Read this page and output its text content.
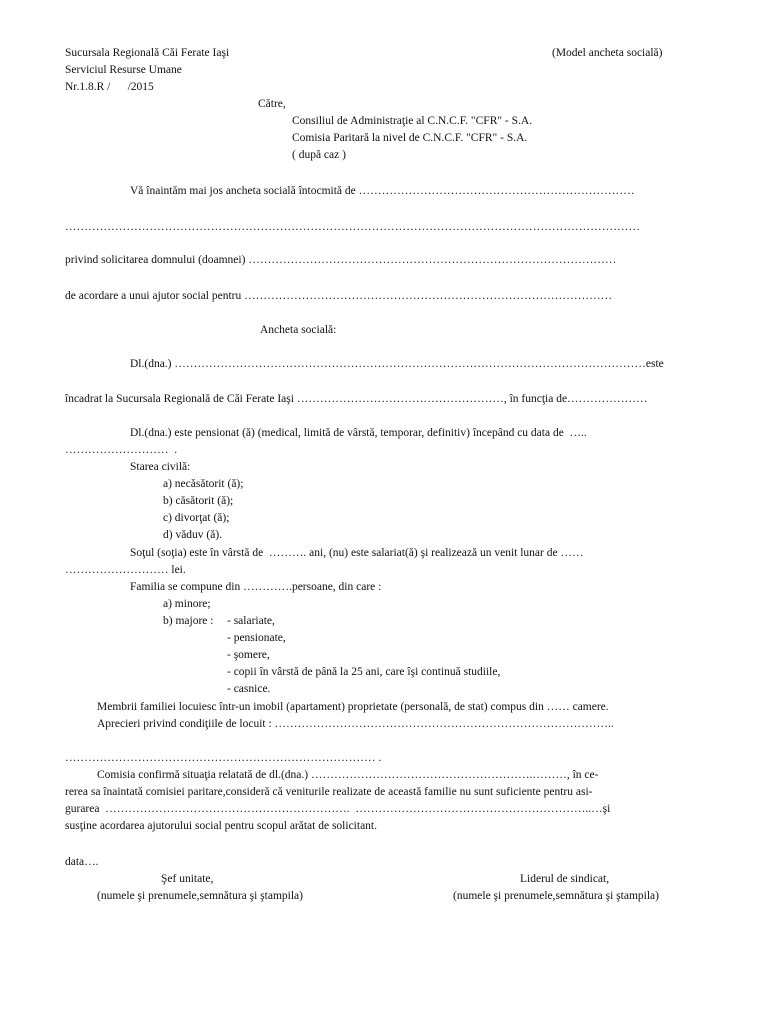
Sucursala Regională Căi Ferate Iaşi	(Model ancheta socială)
Serviciul Resurse Umane
Nr.1.8.R /      /2015
Către,
Consiliul de Administraţie al C.N.C.F. "CFR" - S.A.
Comisia Paritară la nivel de C.N.C.F. "CFR" - S.A.
( după caz )
Vă înaintăm mai jos ancheta socială întocmită de ………………………………………………………………
……………………………………………………………………………………………………………………………………
privind solicitarea domnului (doamnei) ……………………………………………………………………………………
de acordare a unui ajutor social pentru ……………………………………………………………………………………
Ancheta socială:
Dl.(dna.) ……………………………………………………………………………………………………………este
încadrat la Sucursala Regională de Căi Ferate Iaşi ………………………………………………, în funcţia de…………………
Dl.(dna.) este pensionat (ă) (medical, limită de vârstă, temporar, definitiv) începând cu data de  …..
………………………  .
Starea civilă:
a) necăsătorit (ă);
b) căsătorit (ă);
c) divorţat (ă);
d) văduv (ă).
Soţul (soţia) este în vârstă de  ………. ani, (nu) este salariat(ă) şi realizează un venit lunar de ……
……………………… lei.
Familia se compune din ………….persoane, din care :
a) minore;
b) majore : - salariate,
- pensionate,
- şomere,
- copii în vârstă de până la 25 ani, care îşi continuă studiile,
- casnice.
Membrii familiei locuiesc într-un imobil (apartament) proprietate (personală, de stat) compus din …… camere.
Aprecieri privind condiţiile de locuit : ……………………………………………………………………………..
……………………………………………………………………… .
Comisia confirmă situaţia relatată de dl.(dna.) ………………………………………………….………, în ce-
rerea sa înaintată comisiei paritare,consideră că veniturile realizate de această familie nu sunt suficiente pentru asi-
gurarea  ……………………………………………………….  ……………………………………………………..…şi
susţine acordarea ajutorului social pentru scopul arătat de solicitant.
data….
Şef unitate,
(numele şi prenumele,semnătura şi ştampila)
Liderul de sindicat,
(numele şi prenumele,semnătura şi ştampila)
